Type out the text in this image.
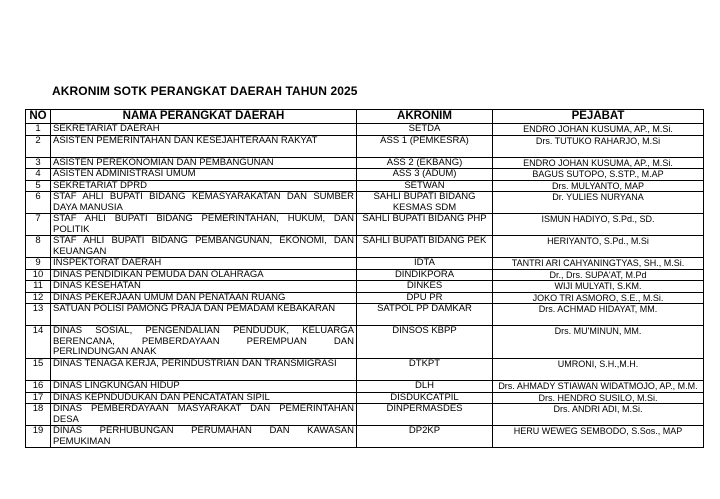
AKRONIM SOTK PERANGKAT DAERAH TAHUN 2025
NO	NAMA PERANGKAT DAERAH	AKRONIM	PEJABAT
1	SEKRETARIAT DAERAH	SETDA	ENDRO JOHAN KUSUMA, AP., M.Si.
2	ASISTEN PEMERINTAHAN DAN KESEJAHTERAAN RAKYAT	ASS 1 (PEMKESRA)	Drs. TUTUKO RAHARJO, M.Si
3	ASISTEN PEREKONOMIAN DAN PEMBANGUNAN	ASS 2 (EKBANG)	ENDRO JOHAN KUSUMA, AP., M.Si.
4	ASISTEN ADMINISTRASI UMUM	ASS 3 (ADUM)	BAGUS SUTOPO, S.STP., M.AP
5	SEKRETARIAT DPRD	SETWAN	Drs. MULYANTO, MAP
6	STAF AHLI BUPATI BIDANG KEMASYARAKATAN DAN SUMBER DAYA MANUSIA	SAHLI BUPATI BIDANG KESMAS SDM	Dr. YULIES NURYANA
7	STAF AHLI BUPATI BIDANG PEMERINTAHAN, HUKUM, DAN POLITIK	SAHLI BUPATI BIDANG PHP	ISMUN HADIYO, S.Pd., SD.
8	STAF AHLI BUPATI BIDANG PEMBANGUNAN, EKONOMI, DAN KEUANGAN	SAHLI BUPATI BIDANG PEK	HERIYANTO, S.Pd., M.Si
9	INSPEKTORAT DAERAH	IDTA	TANTRI ARI CAHYANINGTYAS, SH., M.Si.
10	DINAS PENDIDIKAN PEMUDA DAN OLAHRAGA	DINDIKPORA	Dr., Drs. SUPA'AT, M.Pd
11	DINAS KESEHATAN	DINKES	WIJI MULYATI, S.KM.
12	DINAS PEKERJAAN UMUM DAN PENATAAN RUANG	DPU PR	JOKO TRI ASMORO, S.E., M.Si.
13	SATUAN POLISI PAMONG PRAJA DAN PEMADAM KEBAKARAN	SATPOL PP DAMKAR	Drs. ACHMAD HIDAYAT, MM.
14	DINAS SOSIAL, PENGENDALIAN PENDUDUK, KELUARGA BERENCANA, PEMBERDAYAAN PEREMPUAN DAN PERLINDUNGAN ANAK	DINSOS KBPP	Drs. MU'MINUN, MM.
15	DINAS TENAGA KERJA, PERINDUSTRIAN DAN TRANSMIGRASI	DTKPT	UMRONI, S.H.,M.H.
16	DINAS LINGKUNGAN HIDUP	DLH	Drs. AHMADY STIAWAN WIDATMOJO, AP., M.M.
17	DINAS KEPNDUDUKAN DAN PENCATATAN SIPIL	DISDUKCATPIL	Drs. HENDRO SUSILO, M.Si.
18	DINAS PEMBERDAYAAN MASYARAKAT DAN PEMERINTAHAN DESA	DINPERMASDES	Drs. ANDRI ADI, M.Si.
19	DINAS PERHUBUNGAN PERUMAHAN DAN KAWASAN PEMUKIMAN	DP2KP	HERU WEWEG SEMBODO, S.Sos., MAP
